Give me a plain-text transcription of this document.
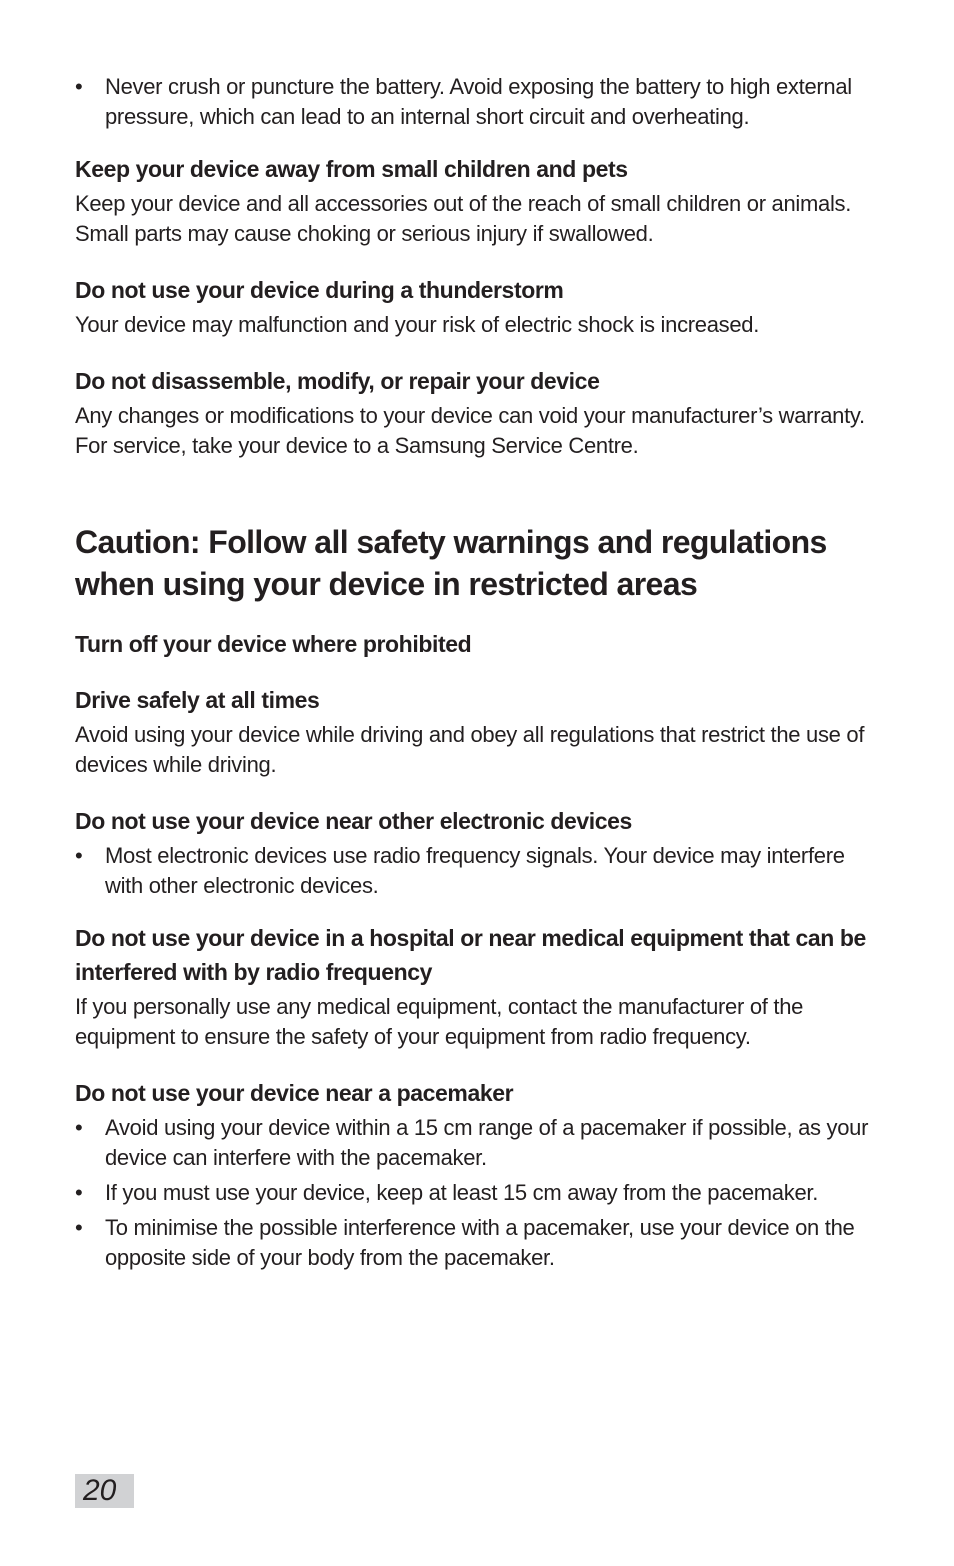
• Never crush or puncture the battery. Avoid exposing the battery to high external pressure, which can lead to an internal short circuit and overheating.
Keep your device away from small children and pets

Keep your device and all accessories out of the reach of small children or animals. Small parts may cause choking or serious injury if swallowed.

Do not use your device during a thunderstorm

Your device may malfunction and your risk of electric shock is increased.

Do not disassemble, modify, or repair your device

Any changes or modifications to your device can void your manufacturer’s warranty. For service, take your device to a Samsung Service Centre.

Caution: Follow all safety warnings and regulations when using your device in restricted areas
Turn off your device where prohibited
Drive safely at all times

Avoid using your device while driving and obey all regulations that restrict the use of devices while driving.

Do not use your device near other electronic devices
• Most electronic devices use radio frequency signals. Your device may interfere with other electronic devices.
Do not use your device in a hospital or near medical equipment that can be interfered with by radio frequency

If you personally use any medical equipment, contact the manufacturer of the equipment to ensure the safety of your equipment from radio frequency.

Do not use your device near a pacemaker
• Avoid using your device within a 15 cm range of a pacemaker if possible, as your device can interfere with the pacemaker.
• If you must use your device, keep at least 15 cm away from the pacemaker.
• To minimise the possible interference with a pacemaker, use your device on the opposite side of your body from the pacemaker.
20
